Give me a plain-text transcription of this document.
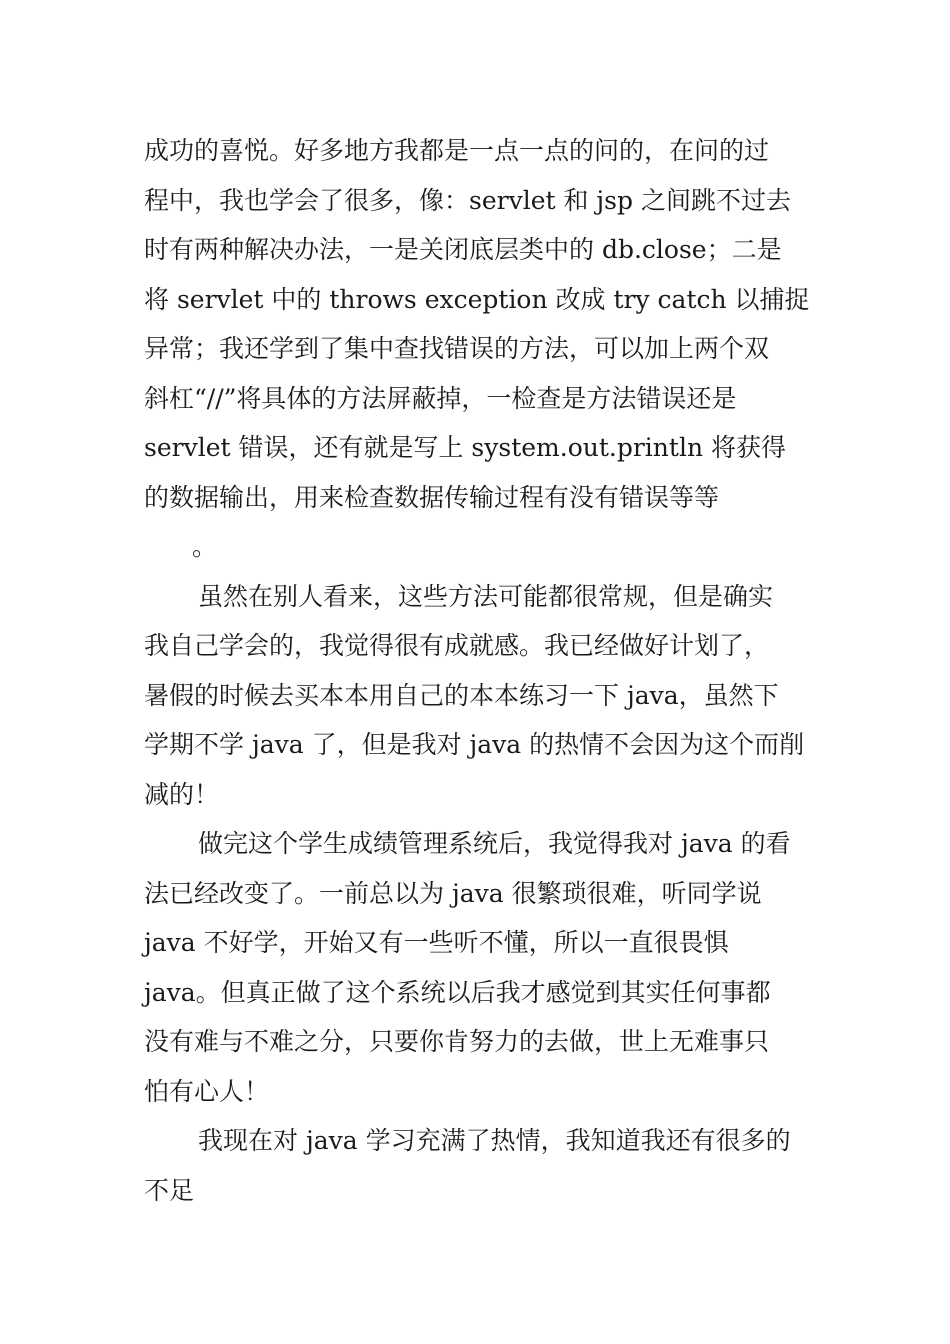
成功的喜悦。好多地方我都是一点一点的问的，在问的过
程中，我也学会了很多，像：servlet 和 jsp 之间跳不过去
时有两种解决办法，一是关闭底层类中的 db.close；二是
将 servlet 中的 throws exception 改成 try catch 以捕捉
异常；我还学到了集中查找错误的方法，可以加上两个双
斜杠“//”将具体的方法屏蔽掉，一检查是方法错误还是
servlet 错误，还有就是写上 system.out.println 将获得
的数据输出，用来检查数据传输过程有没有错误等等

。

虽然在别人看来，这些方法可能都很常规，但是确实
我自己学会的，我觉得很有成就感。我已经做好计划了，
暑假的时候去买本本用自己的本本练习一下 java，虽然下
学期不学 java 了，但是我对 java 的热情不会因为这个而削
减的！

做完这个学生成绩管理系统后，我觉得我对 java 的看
法已经改变了。一前总以为 java 很繁琐很难，听同学说
java 不好学，开始又有一些听不懂，所以一直很畏惧
java。但真正做了这个系统以后我才感觉到其实任何事都
没有难与不难之分，只要你肯努力的去做，世上无难事只
怕有心人！

我现在对 java 学习充满了热情，我知道我还有很多的
不足
